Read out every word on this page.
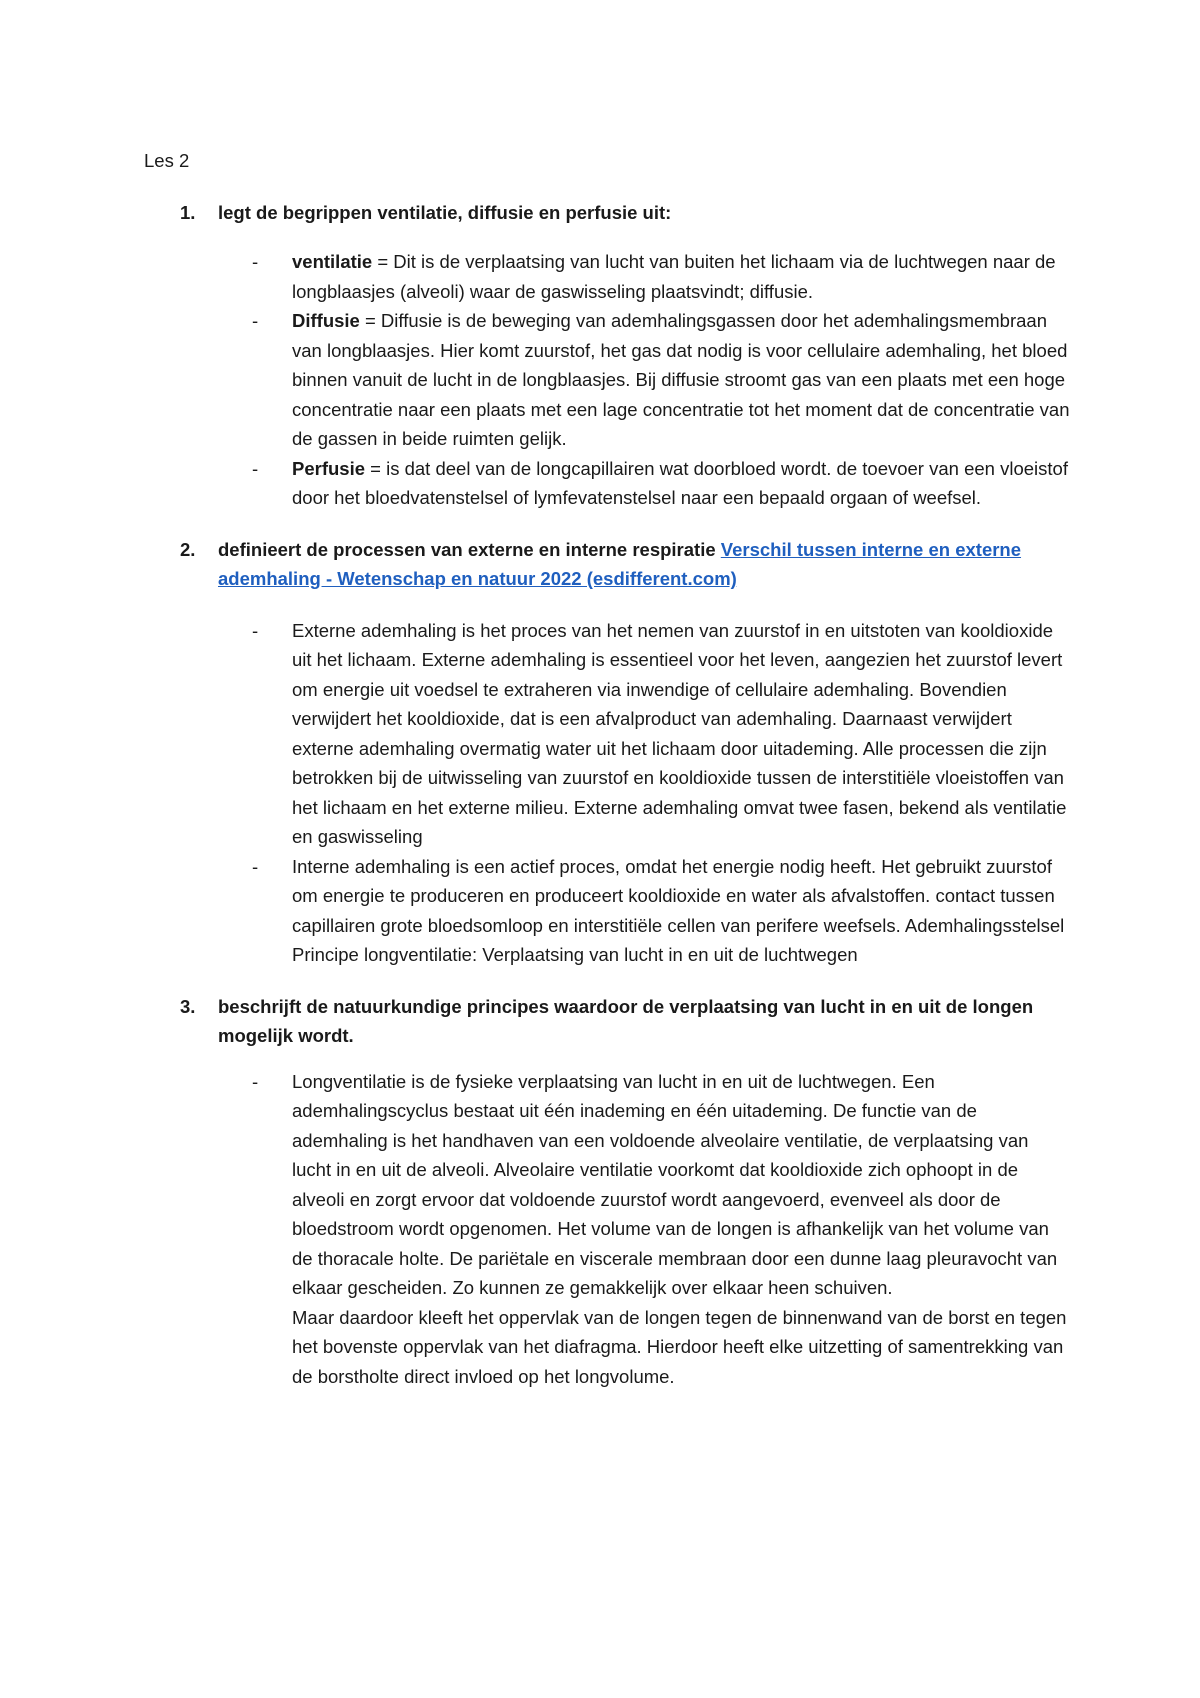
Les 2

1. legt de begrippen ventilatie, diffusie en perfusie uit:

- ventilatie = Dit is de verplaatsing van lucht van buiten het lichaam via de luchtwegen naar de longblaasjes (alveoli) waar de gaswisseling plaatsvindt; diffusie.
- Diffusie = Diffusie is de beweging van ademhalingsgassen door het ademhalingsmembraan van longblaasjes. Hier komt zuurstof, het gas dat nodig is voor cellulaire ademhaling, het bloed binnen vanuit de lucht in de longblaasjes. Bij diffusie stroomt gas van een plaats met een hoge concentratie naar een plaats met een lage concentratie tot het moment dat de concentratie van de gassen in beide ruimten gelijk.
- Perfusie = is dat deel van de longcapillairen wat doorbloed wordt. de toevoer van een vloeistof door het bloedvatenstelsel of lymfevatenstelsel naar een bepaald orgaan of weefsel.

2. definieert de processen van externe en interne respiratie Verschil tussen interne en externe ademhaling - Wetenschap en natuur 2022 (esdifferent.com)

- Externe ademhaling is het proces van het nemen van zuurstof in en uitstoten van kooldioxide uit het lichaam. Externe ademhaling is essentieel voor het leven, aangezien het zuurstof levert om energie uit voedsel te extraheren via inwendige of cellulaire ademhaling. Bovendien verwijdert het kooldioxide, dat is een afvalproduct van ademhaling. Daarnaast verwijdert externe ademhaling overmatig water uit het lichaam door uitademing. Alle processen die zijn betrokken bij de uitwisseling van zuurstof en kooldioxide tussen de interstitiële vloeistoffen van het lichaam en het externe milieu. Externe ademhaling omvat twee fasen, bekend als ventilatie en gaswisseling
- Interne ademhaling is een actief proces, omdat het energie nodig heeft. Het gebruikt zuurstof om energie te produceren en produceert kooldioxide en water als afvalstoffen. contact tussen capillairen grote bloedsomloop en interstitiële cellen van perifere weefsels. Ademhalingsstelsel Principe longventilatie: Verplaatsing van lucht in en uit de luchtwegen

3. beschrijft de natuurkundige principes waardoor de verplaatsing van lucht in en uit de longen mogelijk wordt.

- Longventilatie is de fysieke verplaatsing van lucht in en uit de luchtwegen. Een ademhalingscyclus bestaat uit één inademing en één uitademing. De functie van de ademhaling is het handhaven van een voldoende alveolaire ventilatie, de verplaatsing van lucht in en uit de alveoli. Alveolaire ventilatie voorkomt dat kooldioxide zich ophoopt in de alveoli en zorgt ervoor dat voldoende zuurstof wordt aangevoerd, evenveel als door de bloedstroom wordt opgenomen. Het volume van de longen is afhankelijk van het volume van de thoracale holte. De pariëtale en viscerale membraan door een dunne laag pleuravocht van elkaar gescheiden. Zo kunnen ze gemakkelijk over elkaar heen schuiven.
Maar daardoor kleeft het oppervlak van de longen tegen de binnenwand van de borst en tegen het bovenste oppervlak van het diafragma. Hierdoor heeft elke uitzetting of samentrekking van de borstholte direct invloed op het longvolume.
